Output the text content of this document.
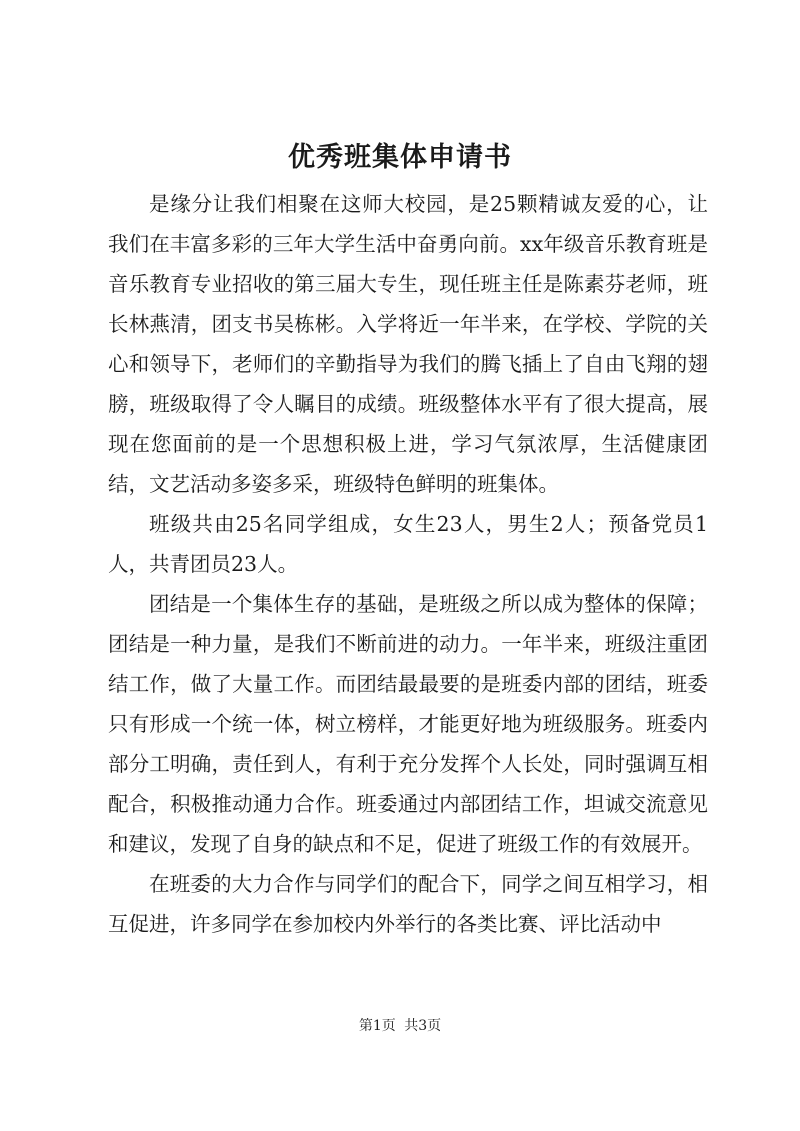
优秀班集体申请书

是缘分让我们相聚在这师大校园，是25颗精诚友爱的心，让我们在丰富多彩的三年大学生活中奋勇向前。xx年级音乐教育班是音乐教育专业招收的第三届大专生，现任班主任是陈素芬老师，班长林燕清，团支书吴栋彬。入学将近一年半来，在学校、学院的关心和领导下，老师们的辛勤指导为我们的腾飞插上了自由飞翔的翅膀，班级取得了令人瞩目的成绩。班级整体水平有了很大提高，展现在您面前的是一个思想积极上进，学习气氛浓厚，生活健康团结，文艺活动多姿多采，班级特色鲜明的班集体。

班级共由25名同学组成，女生23人，男生2人；预备党员1人，共青团员23人。

团结是一个集体生存的基础，是班级之所以成为整体的保障；团结是一种力量，是我们不断前进的动力。一年半来，班级注重团结工作，做了大量工作。而团结最最要的是班委内部的团结，班委只有形成一个统一体，树立榜样，才能更好地为班级服务。班委内部分工明确，责任到人，有利于充分发挥个人长处，同时强调互相配合，积极推动通力合作。班委通过内部团结工作，坦诚交流意见和建议，发现了自身的缺点和不足，促进了班级工作的有效展开。

在班委的大力合作与同学们的配合下，同学之间互相学习，相互促进，许多同学在参加校内外举行的各类比赛、评比活动中

第1页 共3页
